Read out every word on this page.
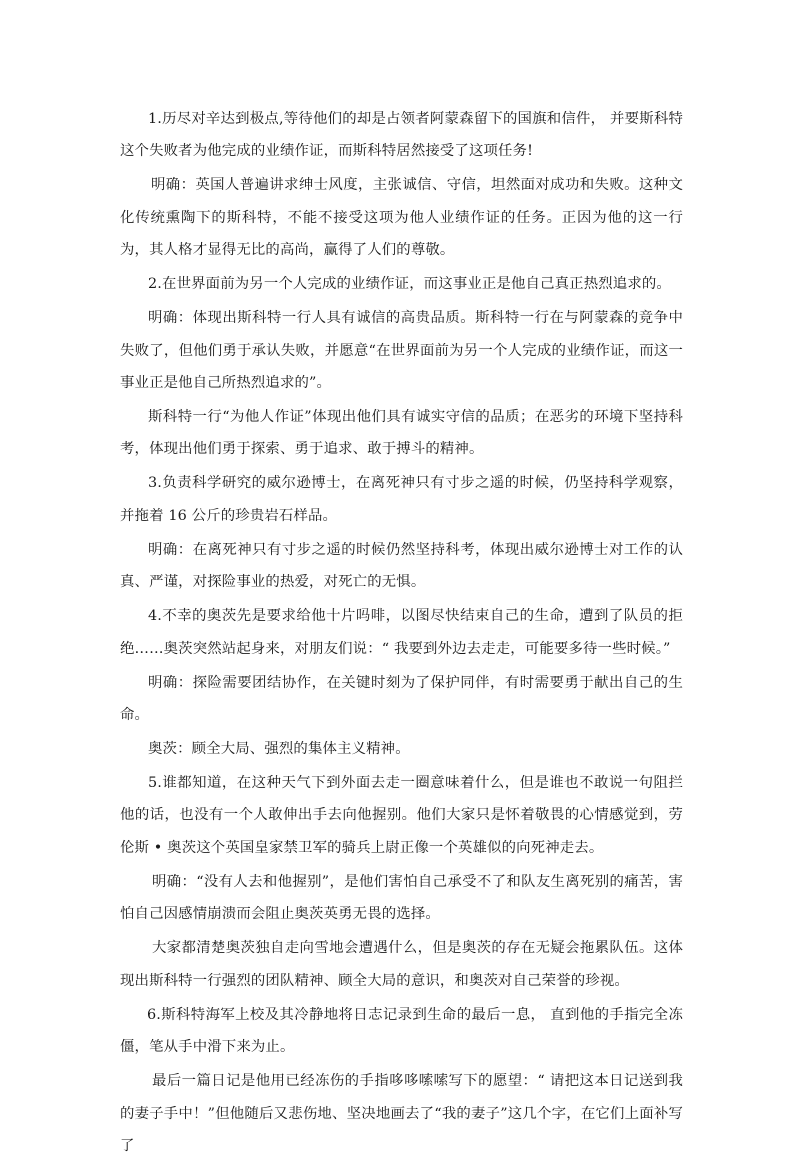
1.历尽对辛达到极点,等待他们的却是占领者阿蒙森留下的国旗和信件， 并要斯科特这个失败者为他完成的业绩作证，而斯科特居然接受了这项任务!

明确：英国人普遍讲求绅士风度，主张诚信、守信，坦然面对成功和失败。这种文化传统熏陶下的斯科特，不能不接受这项为他人业绩作证的任务。正因为他的这一行为，其人格才显得无比的高尚，赢得了人们的尊敬。

2.在世界面前为另一个人完成的业绩作证，而这事业正是他自己真正热烈追求的。

明确：体现出斯科特一行人具有诚信的高贵品质。斯科特一行在与阿蒙森的竞争中失败了，但他们勇于承认失败，并愿意“在世界面前为另一个人完成的业绩作证，而这一事业正是他自己所热烈追求的”。

斯科特一行“为他人作证”体现出他们具有诚实守信的品质；在恶劣的环境下坚持科考，体现出他们勇于探索、勇于追求、敢于搏斗的精神。

3.负责科学研究的威尔逊博士，在离死神只有寸步之遥的时候，仍坚持科学观察，并拖着 16 公斤的珍贵岩石样品。

明确：在离死神只有寸步之遥的时候仍然坚持科考，体现出威尔逊博士对工作的认真、严谨，对探险事业的热爱，对死亡的无惧。

4.不幸的奥茨先是要求给他十片吗啡，以图尽快结束自己的生命，遭到了队员的拒绝……奥茨突然站起身来，对朋友们说：“ 我要到外边去走走，可能要多待一些时候。”

明确：探险需要团结协作，在关键时刻为了保护同伴，有时需要勇于献出自己的生命。

奥茨：顾全大局、强烈的集体主义精神。

5.谁都知道，在这种天气下到外面去走一圈意味着什么，但是谁也不敢说一句阻拦他的话，也没有一个人敢伸出手去向他握别。他们大家只是怀着敬畏的心情感觉到，劳伦斯 • 奥茨这个英国皇家禁卫军的骑兵上尉正像一个英雄似的向死神走去。

明确：“没有人去和他握别”，是他们害怕自己承受不了和队友生离死别的痛苦，害怕自己因感情崩溃而会阻止奥茨英勇无畏的选择。

大家都清楚奥茨独自走向雪地会遭遇什么，但是奥茨的存在无疑会拖累队伍。这体现出斯科特一行强烈的团队精神、顾全大局的意识，和奥茨对自己荣誉的珍视。

6.斯科特海军上校及其冷静地将日志记录到生命的最后一息， 直到他的手指完全冻僵，笔从手中滑下来为止。

最后一篇日记是他用已经冻伤的手指哆哆嗦嗦写下的愿望：“ 请把这本日记送到我的妻子手中！”但他随后又悲伤地、坚决地画去了“我的妻子”这几个字，在它们上面补写了
